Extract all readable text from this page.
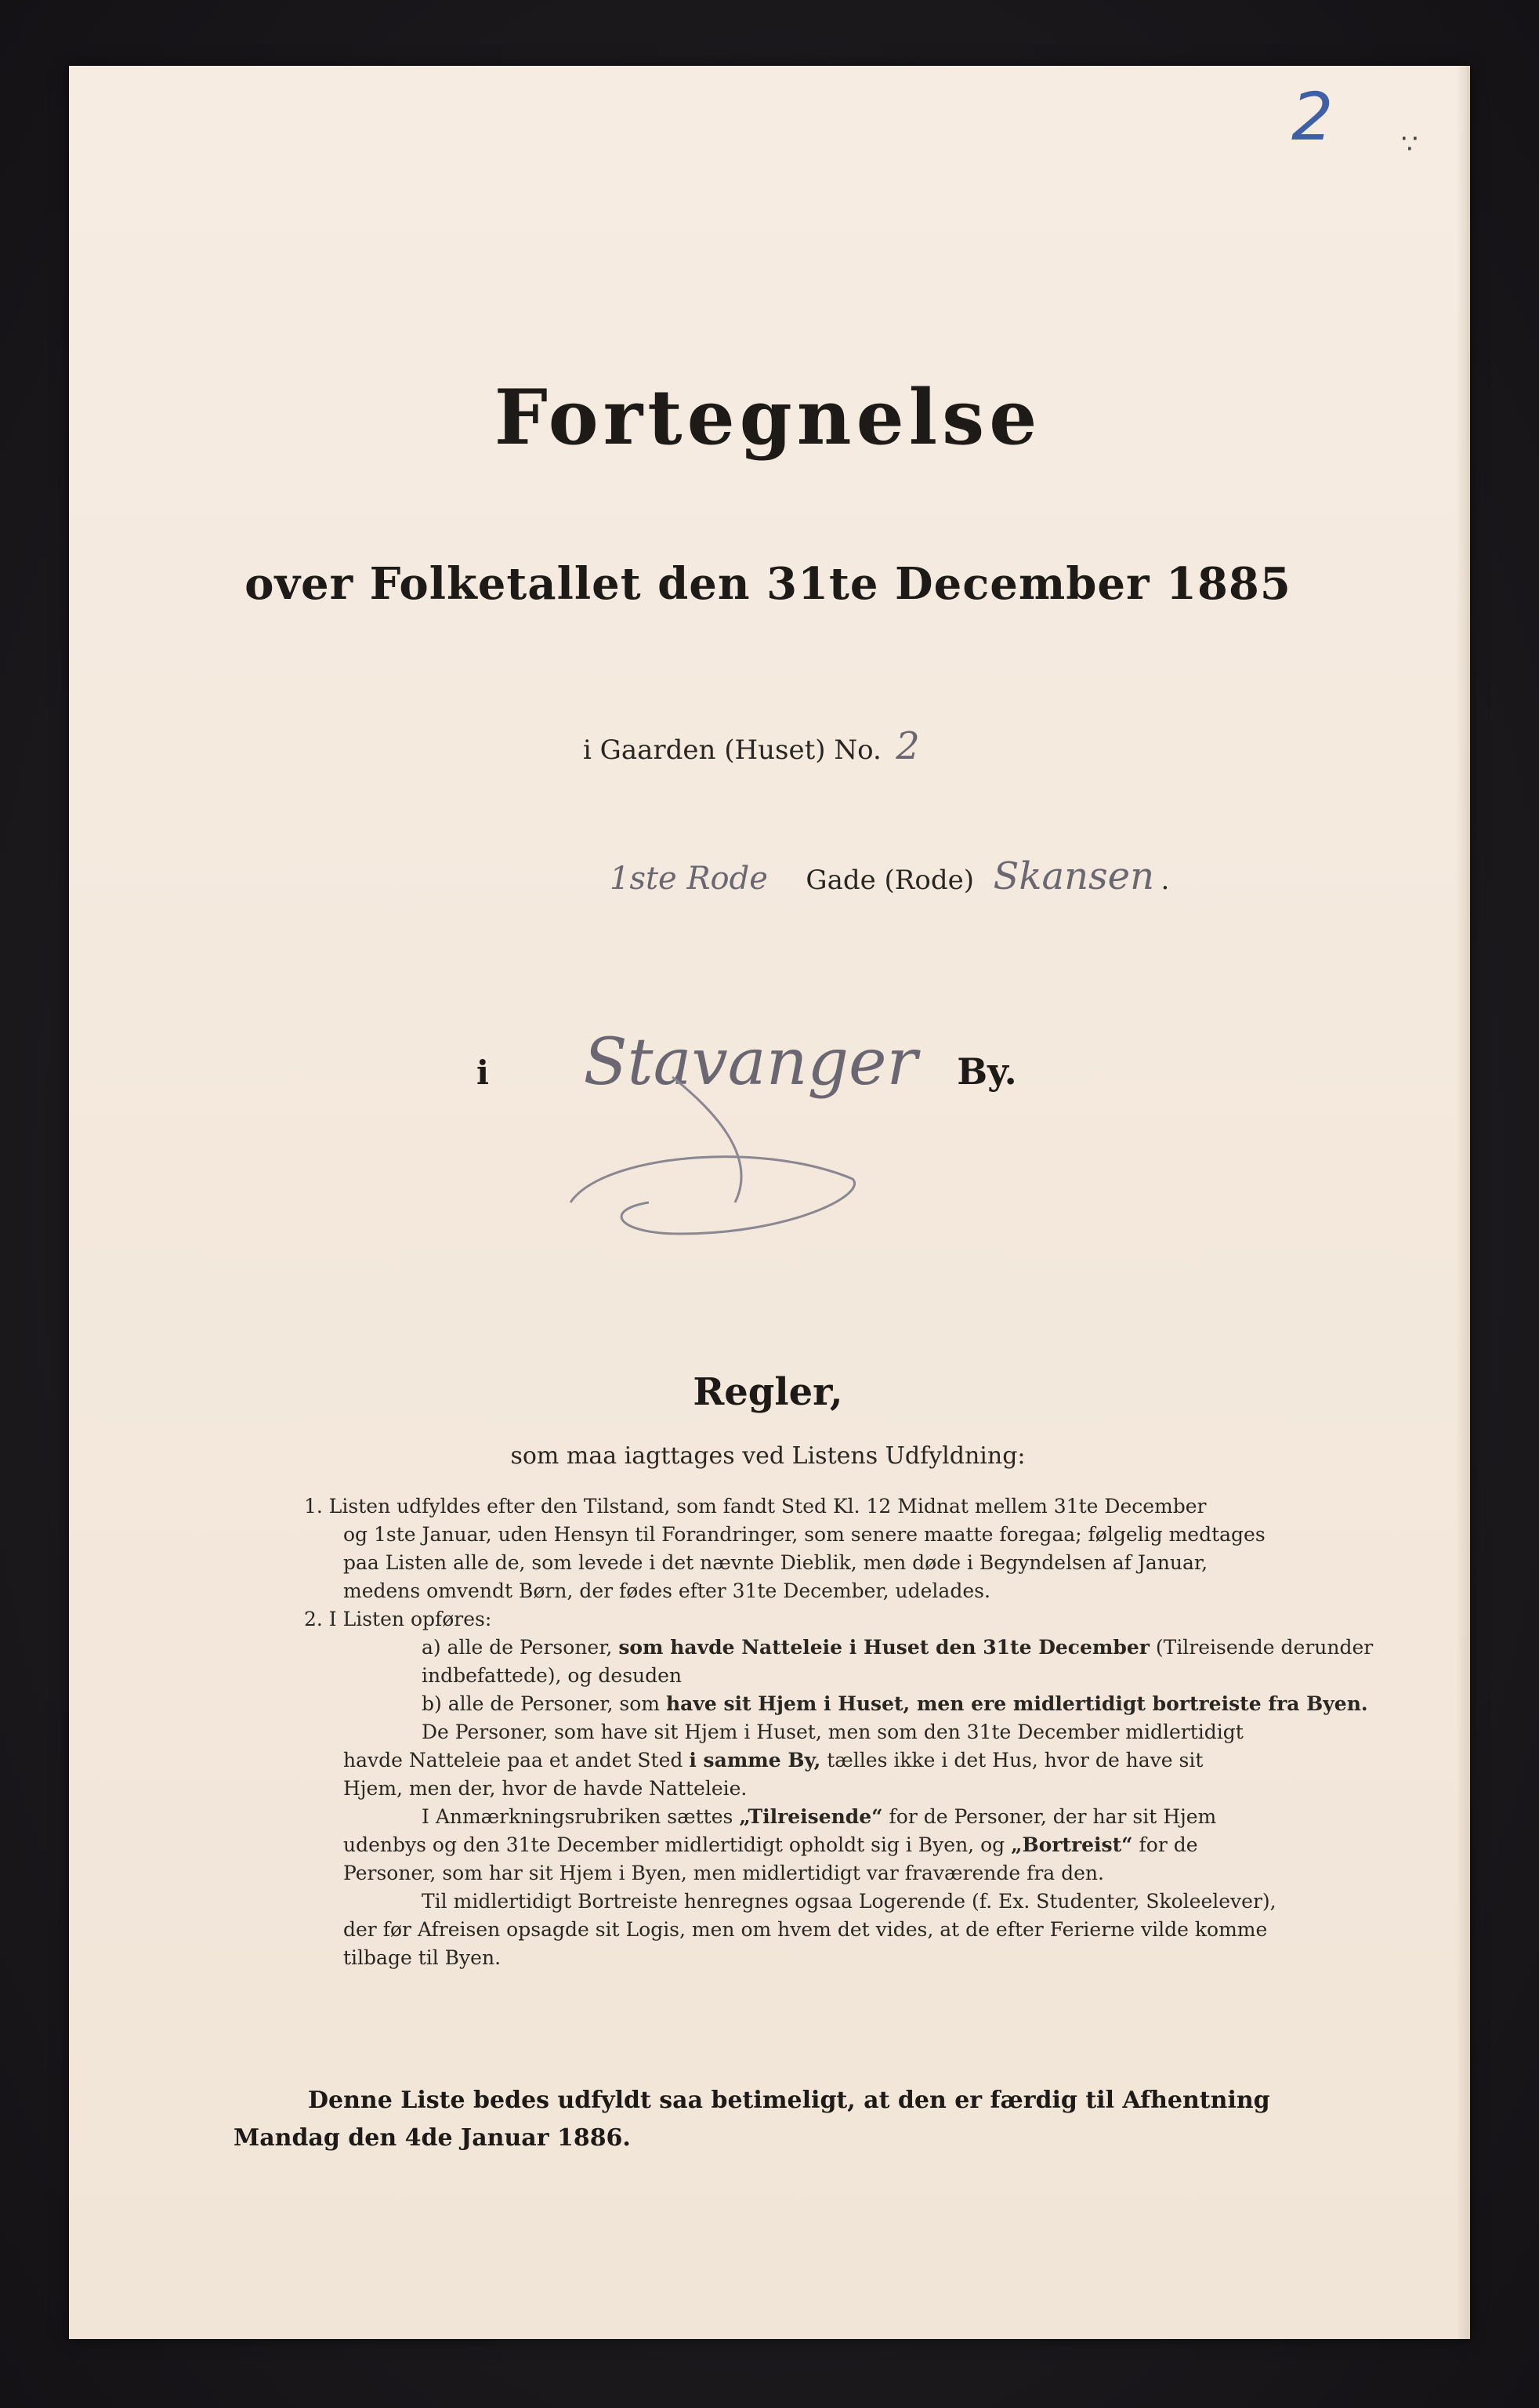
2	∵
Fortegnelse
over Folketallet den 31te December 1885
i Gaarden (Huset) No. 2
1ste Rode Gade (Rode) Skansen .
i Stavanger By.
Regler,
som maa iagttages ved Listens Udfyldning:
1. Listen udfyldes efter den Tilstand, som fandt Sted Kl. 12 Midnat mellem 31te December
og 1ste Januar, uden Hensyn til Forandringer, som senere maatte foregaa; følgelig medtages
paa Listen alle de, som levede i det nævnte Dieblik, men døde i Begyndelsen af Januar,
medens omvendt Børn, der fødes efter 31te December, udelades.
2. I Listen opføres:
a) alle de Personer, som havde Natteleie i Huset den 31te December (Tilreisende derunder
indbefattede), og desuden
b) alle de Personer, som have sit Hjem i Huset, men ere midlertidigt bortreiste fra Byen.
De Personer, som have sit Hjem i Huset, men som den 31te December midlertidigt
havde Natteleie paa et andet Sted i samme By, tælles ikke i det Hus, hvor de have sit
Hjem, men der, hvor de havde Natteleie.
I Anmærkningsrubriken sættes „Tilreisende“ for de Personer, der har sit Hjem
udenbys og den 31te December midlertidigt opholdt sig i Byen, og „Bortreist“ for de
Personer, som har sit Hjem i Byen, men midlertidigt var fraværende fra den.
Til midlertidigt Bortreiste henregnes ogsaa Logerende (f. Ex. Studenter, Skoleelever),
der før Afreisen opsagde sit Logis, men om hvem det vides, at de efter Ferierne vilde komme
tilbage til Byen.
Denne Liste bedes udfyldt saa betimeligt, at den er færdig til Afhentning
Mandag den 4de Januar 1886.
